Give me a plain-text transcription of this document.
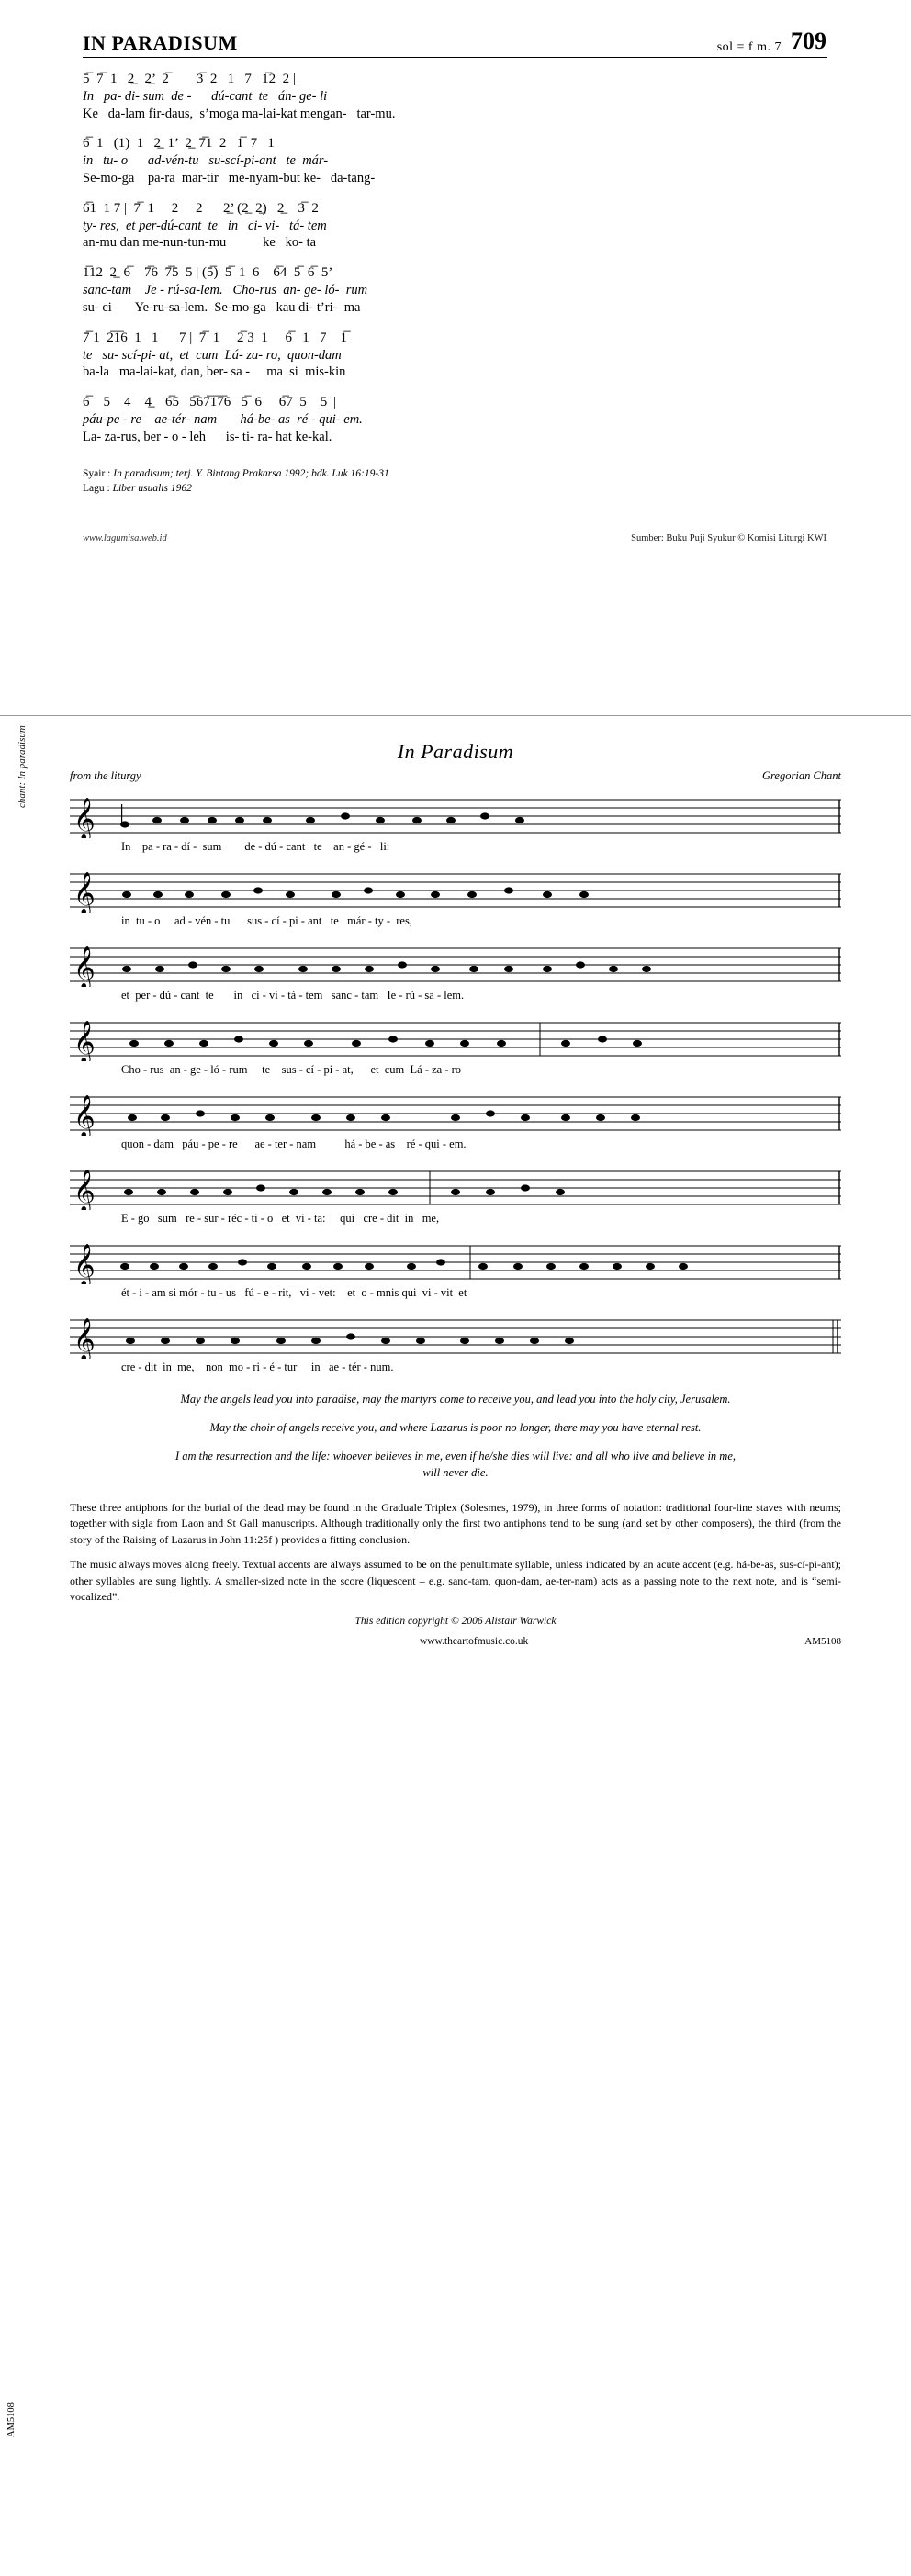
IN PARADISUM	sol = f m. 7 709
5̅  7̅  1   2̲   2̲’  2̅        3̅  2   1   7   1̅2  2 |
In   pa- di- sum  de -      dú-cant  te   án- ge- li
Ke   da-lam fir-daus,  s’moga ma-lai-kat mengan-   tar-mu.
6̅  1   (1)  1   2̲  1’  2̲  7̅1  2   1̅  7   1
in   tu- o      ad-vén-tu   su-scí-pi-ant   te  már-
Se-mo-ga    pa-ra  mar-tir   me-nyam-but ke-   da-tang-
6̅1  1 7 |  7̅  1     2     2      2̲’ (2̲  2̲)   2̲    3̅  2
ty- res,  et per-dú-cant  te   in   ci- vi-   tá- tem
an-mu dan me-nun-tun-mu           ke   ko- ta
1̅12  2̲  6̅    7̅6  7̅5  5 | (5̅)  5̅  1  6    6̅4  5̅  6̅  5’
sanc-tam    Je - rú-sa-lem.   Cho-rus  an- ge- ló-  rum
su- ci       Ye-ru-sa-lem.  Se-mo-ga   kau di- t’ri-  ma
7̅ 1  2̅1̅6  1   1      7 |  7̅  1     2̅ 3  1     6̅   1   7    1̅
te   su- scí-pi- at,  et  cum  Lá- za- ro,  quon-dam
ba-la   ma-lai-kat, dan, ber- sa -     ma  si  mis-kin
6̅    5    4    4̲    6̅5   5̅67̅1̅7̅6   5̅  6     6̅7  5    5 ||
páu-pe - re    ae-tér- nam       há-be- as  ré - qui- em.
La- za-rus, ber - o - leh      is- ti- ra- hat ke-kal.
Syair : In paradisum; terj. Y. Bintang Prakarsa 1992; bdk. Luk 16:19-31
Lagu : Liber usualis 1962
www.lagumisa.web.id	Sumber: Buku Puji Syukur © Komisi Liturgi KWI
chant: In paradisum
AM5108
In Paradisum
from the liturgy	Gregorian Chant
𝄞
In    pa - ra - dí -  sum        de - dú - cant   te    an - gé -   li:
𝄞
in  tu - o     ad - vén - tu      sus - cí - pi - ant   te   már - ty -  res,
𝄞
et  per - dú - cant  te       in   ci - vi - tá - tem   sanc - tam   Ie - rú - sa - lem.
𝄞
Cho - rus  an - ge - ló - rum     te    sus - cí - pi - at,      et  cum  Lá - za - ro
𝄞
quon - dam   páu - pe - re      ae - ter - nam          há - be - as    ré - qui - em.
𝄞
E - go   sum   re - sur - réc - ti - o   et  vi - ta:     qui   cre - dit  in   me,
𝄞
ét - i - am si mór - tu - us   fú - e - rit,   vi - vet:    et  o - mnis qui  vi - vit  et
𝄞
cre - dit  in  me,    non  mo - ri - é - tur     in   ae - tér - num.

May the angels lead you into paradise, may the martyrs come to receive you, and lead you into the holy city, Jerusalem.

May the choir of angels receive you, and where Lazarus is poor no longer, there may you have eternal rest.

I am the resurrection and the life: whoever believes in me, even if he/she dies will live: and all who live and believe in me, will never die.

These three antiphons for the burial of the dead may be found in the Graduale Triplex (Solesmes, 1979), in three forms of notation: traditional four-line staves with neums; together with sigla from Laon and St Gall manuscripts. Although traditionally only the first two antiphons tend to be sung (and set by other composers), the third (from the story of the Raising of Lazarus in John 11:25f ) provides a fitting conclusion.

The music always moves along freely. Textual accents are always assumed to be on the penultimate syllable, unless indicated by an acute accent (e.g. há-be-as, sus-cí-pi-ant); other syllables are sung lightly. A smaller-sized note in the score (liquescent – e.g. sanc-tam, quon-dam, ae-ter-nam) acts as a passing note to the next note, and is “semi-vocalized”.

This edition copyright © 2006 Alistair Warwick
www.theartofmusic.co.uk	AM5108
